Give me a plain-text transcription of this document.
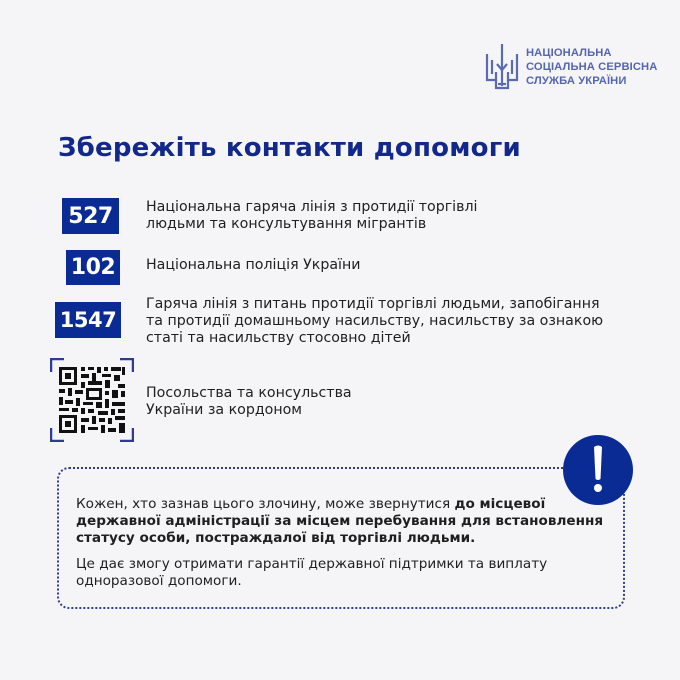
НАЦІОНАЛЬНА
СОЦІАЛЬНА СЕРВІСНА
СЛУЖБА УКРАЇНИ
Збережіть контакти допомоги
527	Національна гаряча лінія з протидії торгівлі
людьми та консультування мігрантів
102	Національна поліція України
1547
Гаряча лінія з питань протидії торгівлі людьми, запобігання
та протидії домашньому насильству, насильству за ознакою
статі та насильству стосовно дітей
Посольства та консульства
України за кордоном
Кожен, хто зазнав цього злочину, може звернутися до місцевої
державної адміністрації за місцем перебування для встановлення
статусу особи, постраждалої від торгівлі людьми.
Це дає змогу отримати гарантії державної підтримки та виплату
одноразової допомоги.
